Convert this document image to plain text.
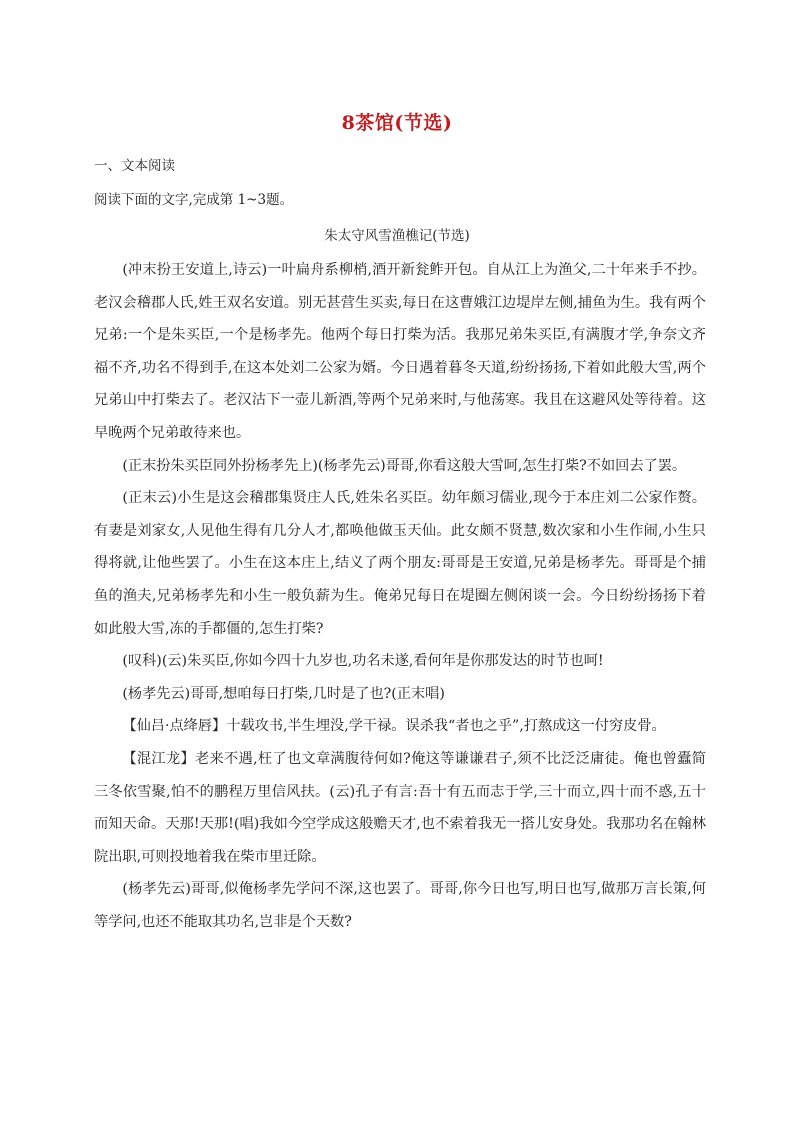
8茶馆(节选)
一、文本阅读
阅读下面的文字,完成第 1~3题。
朱太守风雪渔樵记(节选)

(冲末扮王安道上,诗云)一叶扁舟系柳梢,酒开新瓮鲊开包。自从江上为渔父,二十年来手不抄。老汉会稽郡人氏,姓王双名安道。别无甚营生买卖,每日在这曹娥江边堤岸左侧,捕鱼为生。我有两个兄弟:一个是朱买臣,一个是杨孝先。他两个每日打柴为活。我那兄弟朱买臣,有满腹才学,争奈文齐福不齐,功名不得到手,在这本处刘二公家为婿。今日遇着暮冬天道,纷纷扬扬,下着如此般大雪,两个兄弟山中打柴去了。老汉沽下一壶儿新酒,等两个兄弟来时,与他荡寒。我且在这避风处等待着。这早晚两个兄弟敢待来也。

(正末扮朱买臣同外扮杨孝先上)(杨孝先云)哥哥,你看这般大雪呵,怎生打柴?不如回去了罢。

(正末云)小生是这会稽郡集贤庄人氏,姓朱名买臣。幼年颇习儒业,现今于本庄刘二公家作赘。有妻是刘家女,人见他生得有几分人才,都唤他做玉天仙。此女颇不贤慧,数次家和小生作闹,小生只得将就,让他些罢了。小生在这本庄上,结义了两个朋友:哥哥是王安道,兄弟是杨孝先。哥哥是个捕鱼的渔夫,兄弟杨孝先和小生一般负薪为生。俺弟兄每日在堤圈左侧闲谈一会。今日纷纷扬扬下着如此般大雪,冻的手都僵的,怎生打柴?

(叹科)(云)朱买臣,你如今四十九岁也,功名未遂,看何年是你那发达的时节也呵!

(杨孝先云)哥哥,想咱每日打柴,几时是了也?(正末唱)

【仙吕·点绛唇】十载攻书,半生埋没,学干禄。误杀我“者也之乎”,打熬成这一付穷皮骨。

【混江龙】老来不遇,枉了也文章满腹待何如?俺这等谦谦君子,须不比泛泛庸徒。俺也曾蠹简三冬依雪聚,怕不的鹏程万里信风扶。(云)孔子有言:吾十有五而志于学,三十而立,四十而不惑,五十而知天命。天那!天那!(唱)我如今空学成这般赡天才,也不索着我无一搭儿安身处。我那功名在翰林院出职,可则投地着我在柴市里迁除。

(杨孝先云)哥哥,似俺杨孝先学问不深,这也罢了。哥哥,你今日也写,明日也写,做那万言长策,何等学问,也还不能取其功名,岂非是个天数?
